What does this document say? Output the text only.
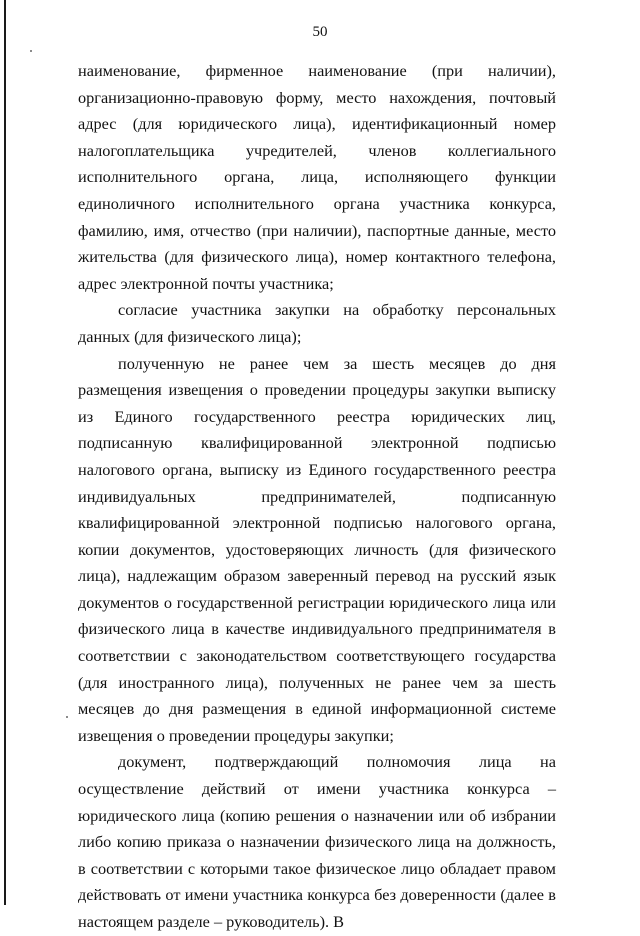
50

наименование, фирменное наименование (при наличии), организационно-правовую форму, место нахождения, почтовый адрес (для юридического лица), идентификационный номер налогоплательщика учредителей, членов коллегиального исполнительного органа, лица, исполняющего функции единоличного исполнительного органа участника конкурса, фамилию, имя, отчество (при наличии), паспортные данные, место жительства (для физического лица), номер контактного телефона, адрес электронной почты участника;

согласие участника закупки на обработку персональных данных (для физического лица);

полученную не ранее чем за шесть месяцев до дня размещения извещения о проведении процедуры закупки выписку из Единого государственного реестра юридических лиц, подписанную квалифицированной электронной подписью налогового органа, выписку из Единого государственного реестра индивидуальных предпринимателей, подписанную квалифицированной электронной подписью налогового органа, копии документов, удостоверяющих личность (для физического лица), надлежащим образом заверенный перевод на русский язык документов о государственной регистрации юридического лица или физического лица в качестве индивидуального предпринимателя в соответствии с законодательством соответствующего государства (для иностранного лица), полученных не ранее чем за шесть месяцев до дня размещения в единой информационной системе извещения о проведении процедуры закупки;

документ, подтверждающий полномочия лица на осуществление действий от имени участника конкурса – юридического лица (копию решения о назначении или об избрании либо копию приказа о назначении физического лица на должность, в соответствии с которыми такое физическое лицо обладает правом действовать от имени участника конкурса без доверенности (далее в настоящем разделе – руководитель). В
